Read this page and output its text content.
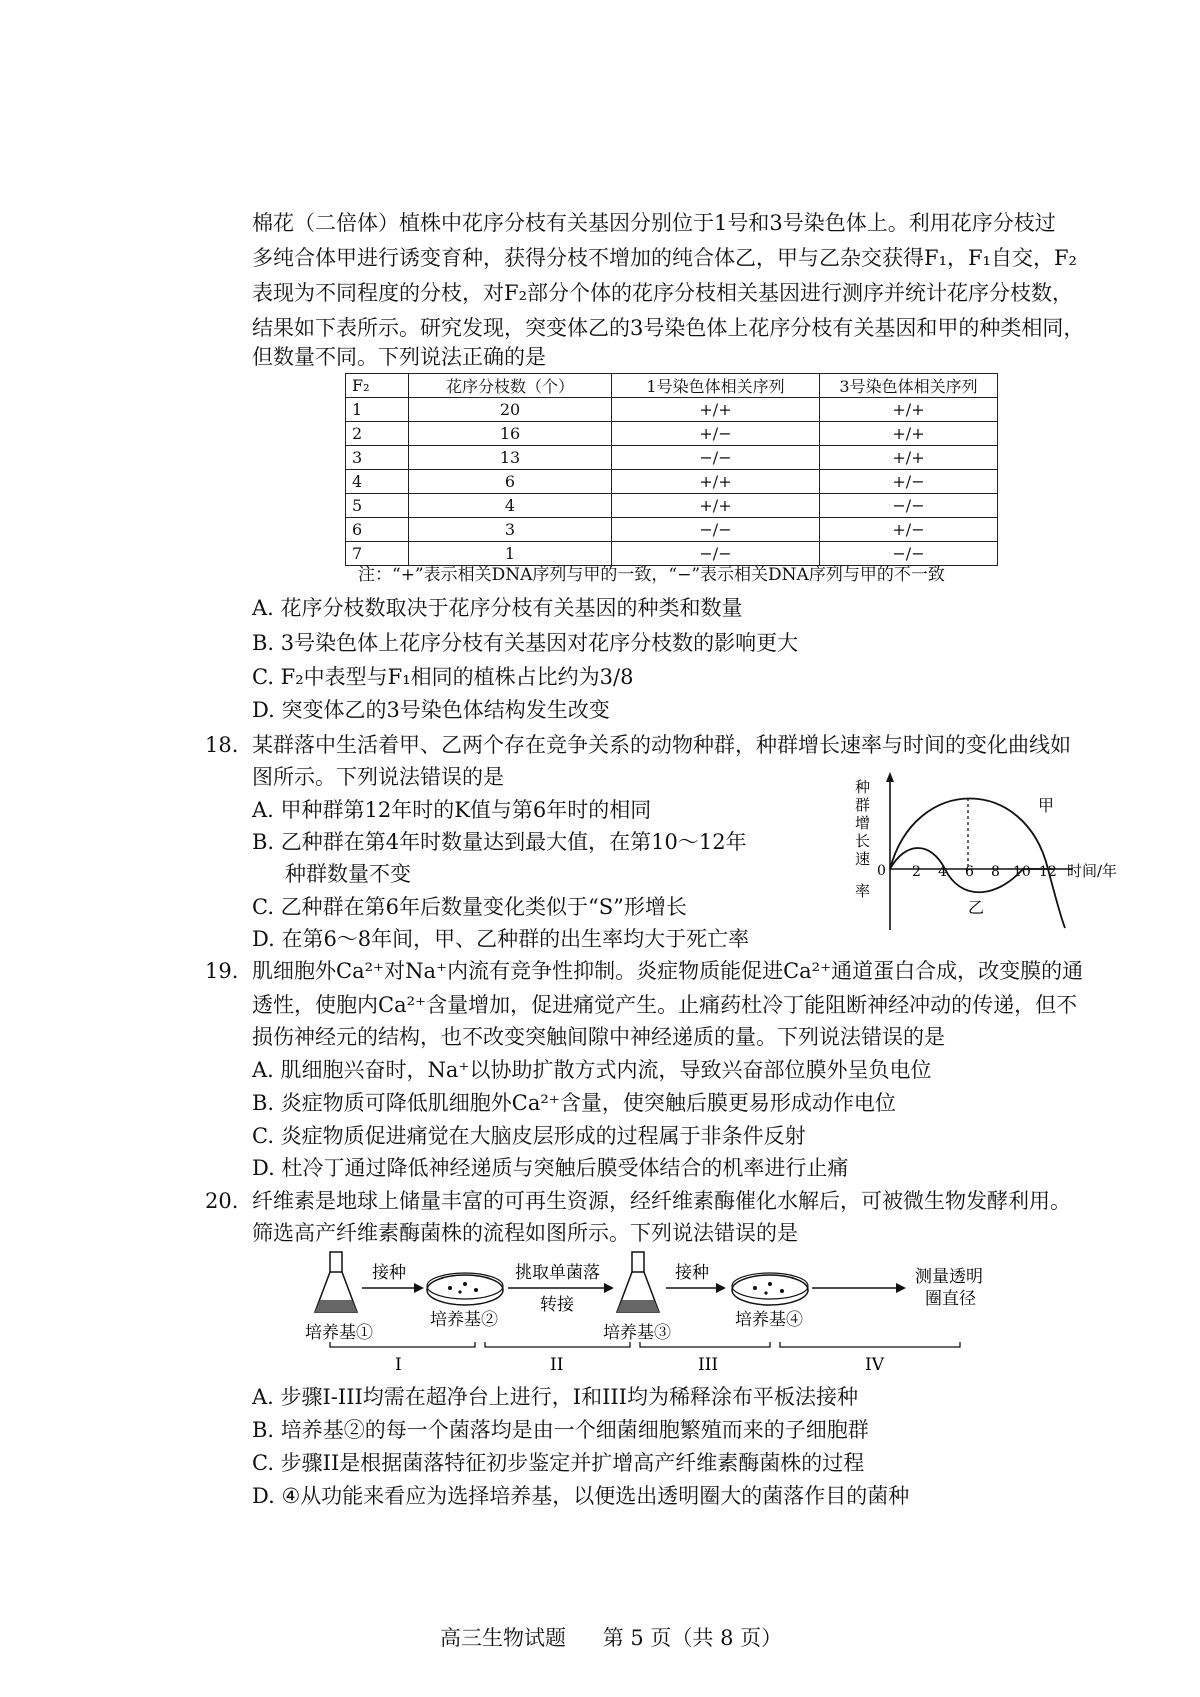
棉花（二倍体）植株中花序分枝有关基因分别位于1号和3号染色体上。利用花序分枝过
多纯合体甲进行诱变育种，获得分枝不增加的纯合体乙，甲与乙杂交获得F₁，F₁自交，F₂
表现为不同程度的分枝，对F₂部分个体的花序分枝相关基因进行测序并统计花序分枝数，
结果如下表所示。研究发现，突变体乙的3号染色体上花序分枝有关基因和甲的种类相同，
F₂	花序分枝数（个）	1号染色体相关序列	3号染色体相关序列
1	20	+/+	+/+
2	16	+/−	+/+
3	13	−/−	+/+
4	6	+/+	+/−
5	4	+/+	−/−
6	3	−/−	+/−
7	1	−/−	−/−
注：“+”表示相关DNA序列与甲的一致，“−”表示相关DNA序列与甲的不一致
A. 花序分枝数取决于花序分枝有关基因的种类和数量
B. 3号染色体上花序分枝有关基因对花序分枝数的影响更大
C. F₂中表型与F₁相同的植株占比约为3/8
D. 突变体乙的3号染色体结构发生改变
但数量不同。下列说法正确的是
18. 某群落中生活着甲、乙两个存在竞争关系的动物种群，种群增长速率与时间的变化曲线如
图所示。下列说法错误的是
A. 甲种群第12年时的K值与第6年时的相同
B. 乙种群在第4年时数量达到最大值，在第10～12年
种群数量不变
C. 乙种群在第6年后数量变化类似于“S”形增长
D. 在第6～8年间，甲、乙种群的出生率均大于死亡率
种
群
增
长
速
率
0 2 4 6 8 10 12 时间/年
甲
乙
19. 肌细胞外Ca²⁺对Na⁺内流有竞争性抑制。炎症物质能促进Ca²⁺通道蛋白合成，改变膜的通
透性，使胞内Ca²⁺含量增加，促进痛觉产生。止痛药杜冷丁能阻断神经冲动的传递，但不
损伤神经元的结构，也不改变突触间隙中神经递质的量。下列说法错误的是
A. 肌细胞兴奋时，Na⁺以协助扩散方式内流，导致兴奋部位膜外呈负电位
B. 炎症物质可降低肌细胞外Ca²⁺含量，使突触后膜更易形成动作电位
C. 炎症物质促进痛觉在大脑皮层形成的过程属于非条件反射
D. 杜冷丁通过降低神经递质与突触后膜受体结合的机率进行止痛
20. 纤维素是地球上储量丰富的可再生资源，经纤维素酶催化水解后，可被微生物发酵利用。
筛选高产纤维素酶菌株的流程如图所示。下列说法错误的是
培养基①
接种
培养基②
挑取单菌落
转接
培养基③
接种
培养基④
测量透明
圈直径
I	II	III	IV
A. 步骤I-III均需在超净台上进行，I和III均为稀释涂布平板法接种
B. 培养基②的每一个菌落均是由一个细菌细胞繁殖而来的子细胞群
C. 步骤II是根据菌落特征初步鉴定并扩增高产纤维素酶菌株的过程
D. ④从功能来看应为选择培养基，以便选出透明圈大的菌落作目的菌种
高三生物试题 第 5 页（共 8 页）
